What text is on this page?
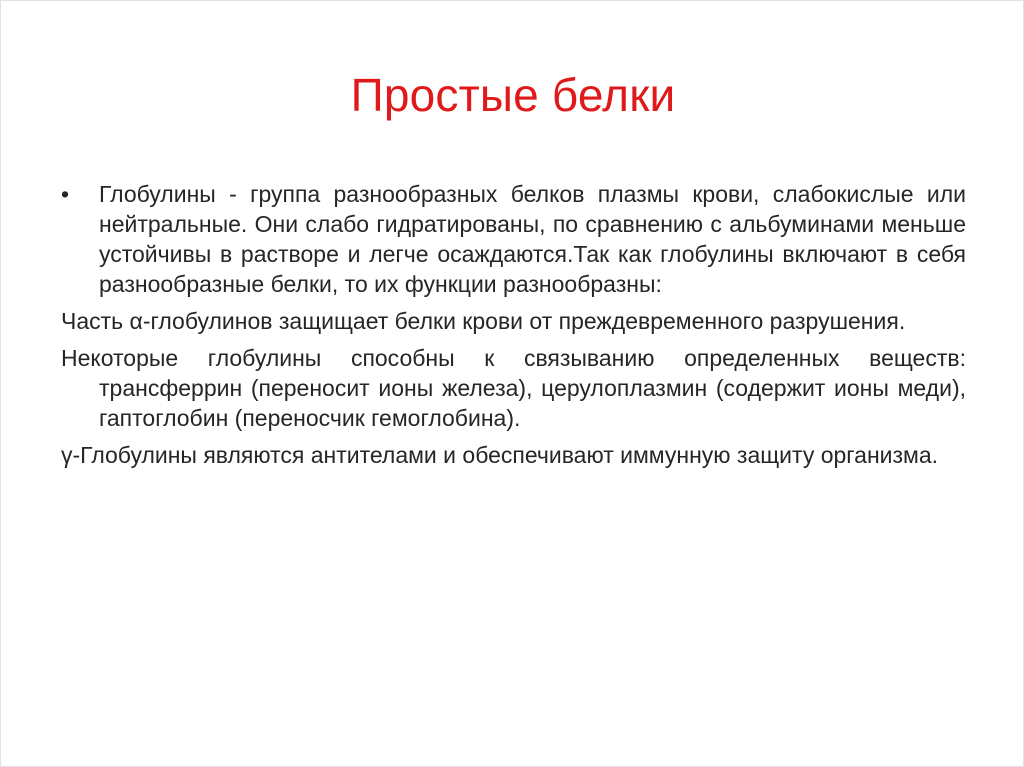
Простые белки

•	Глобулины - группа разнообразных белков плазмы крови, слабокислые или нейтральные. Они слабо гидратированы, по сравнению с альбуминами меньше устойчивы в растворе и легче осаждаются.Так как глобулины включают в себя разнообразные белки, то их функции разнообразны:

Часть α-глобулинов защищает белки крови от преждевременного разрушения.

Некоторые глобулины способны к связыванию определенных веществ: трансферрин (переносит ионы железа), церулоплазмин (содержит ионы меди), гаптоглобин (переносчик гемоглобина).

γ-Глобулины являются антителами и обеспечивают иммунную защиту организма.
